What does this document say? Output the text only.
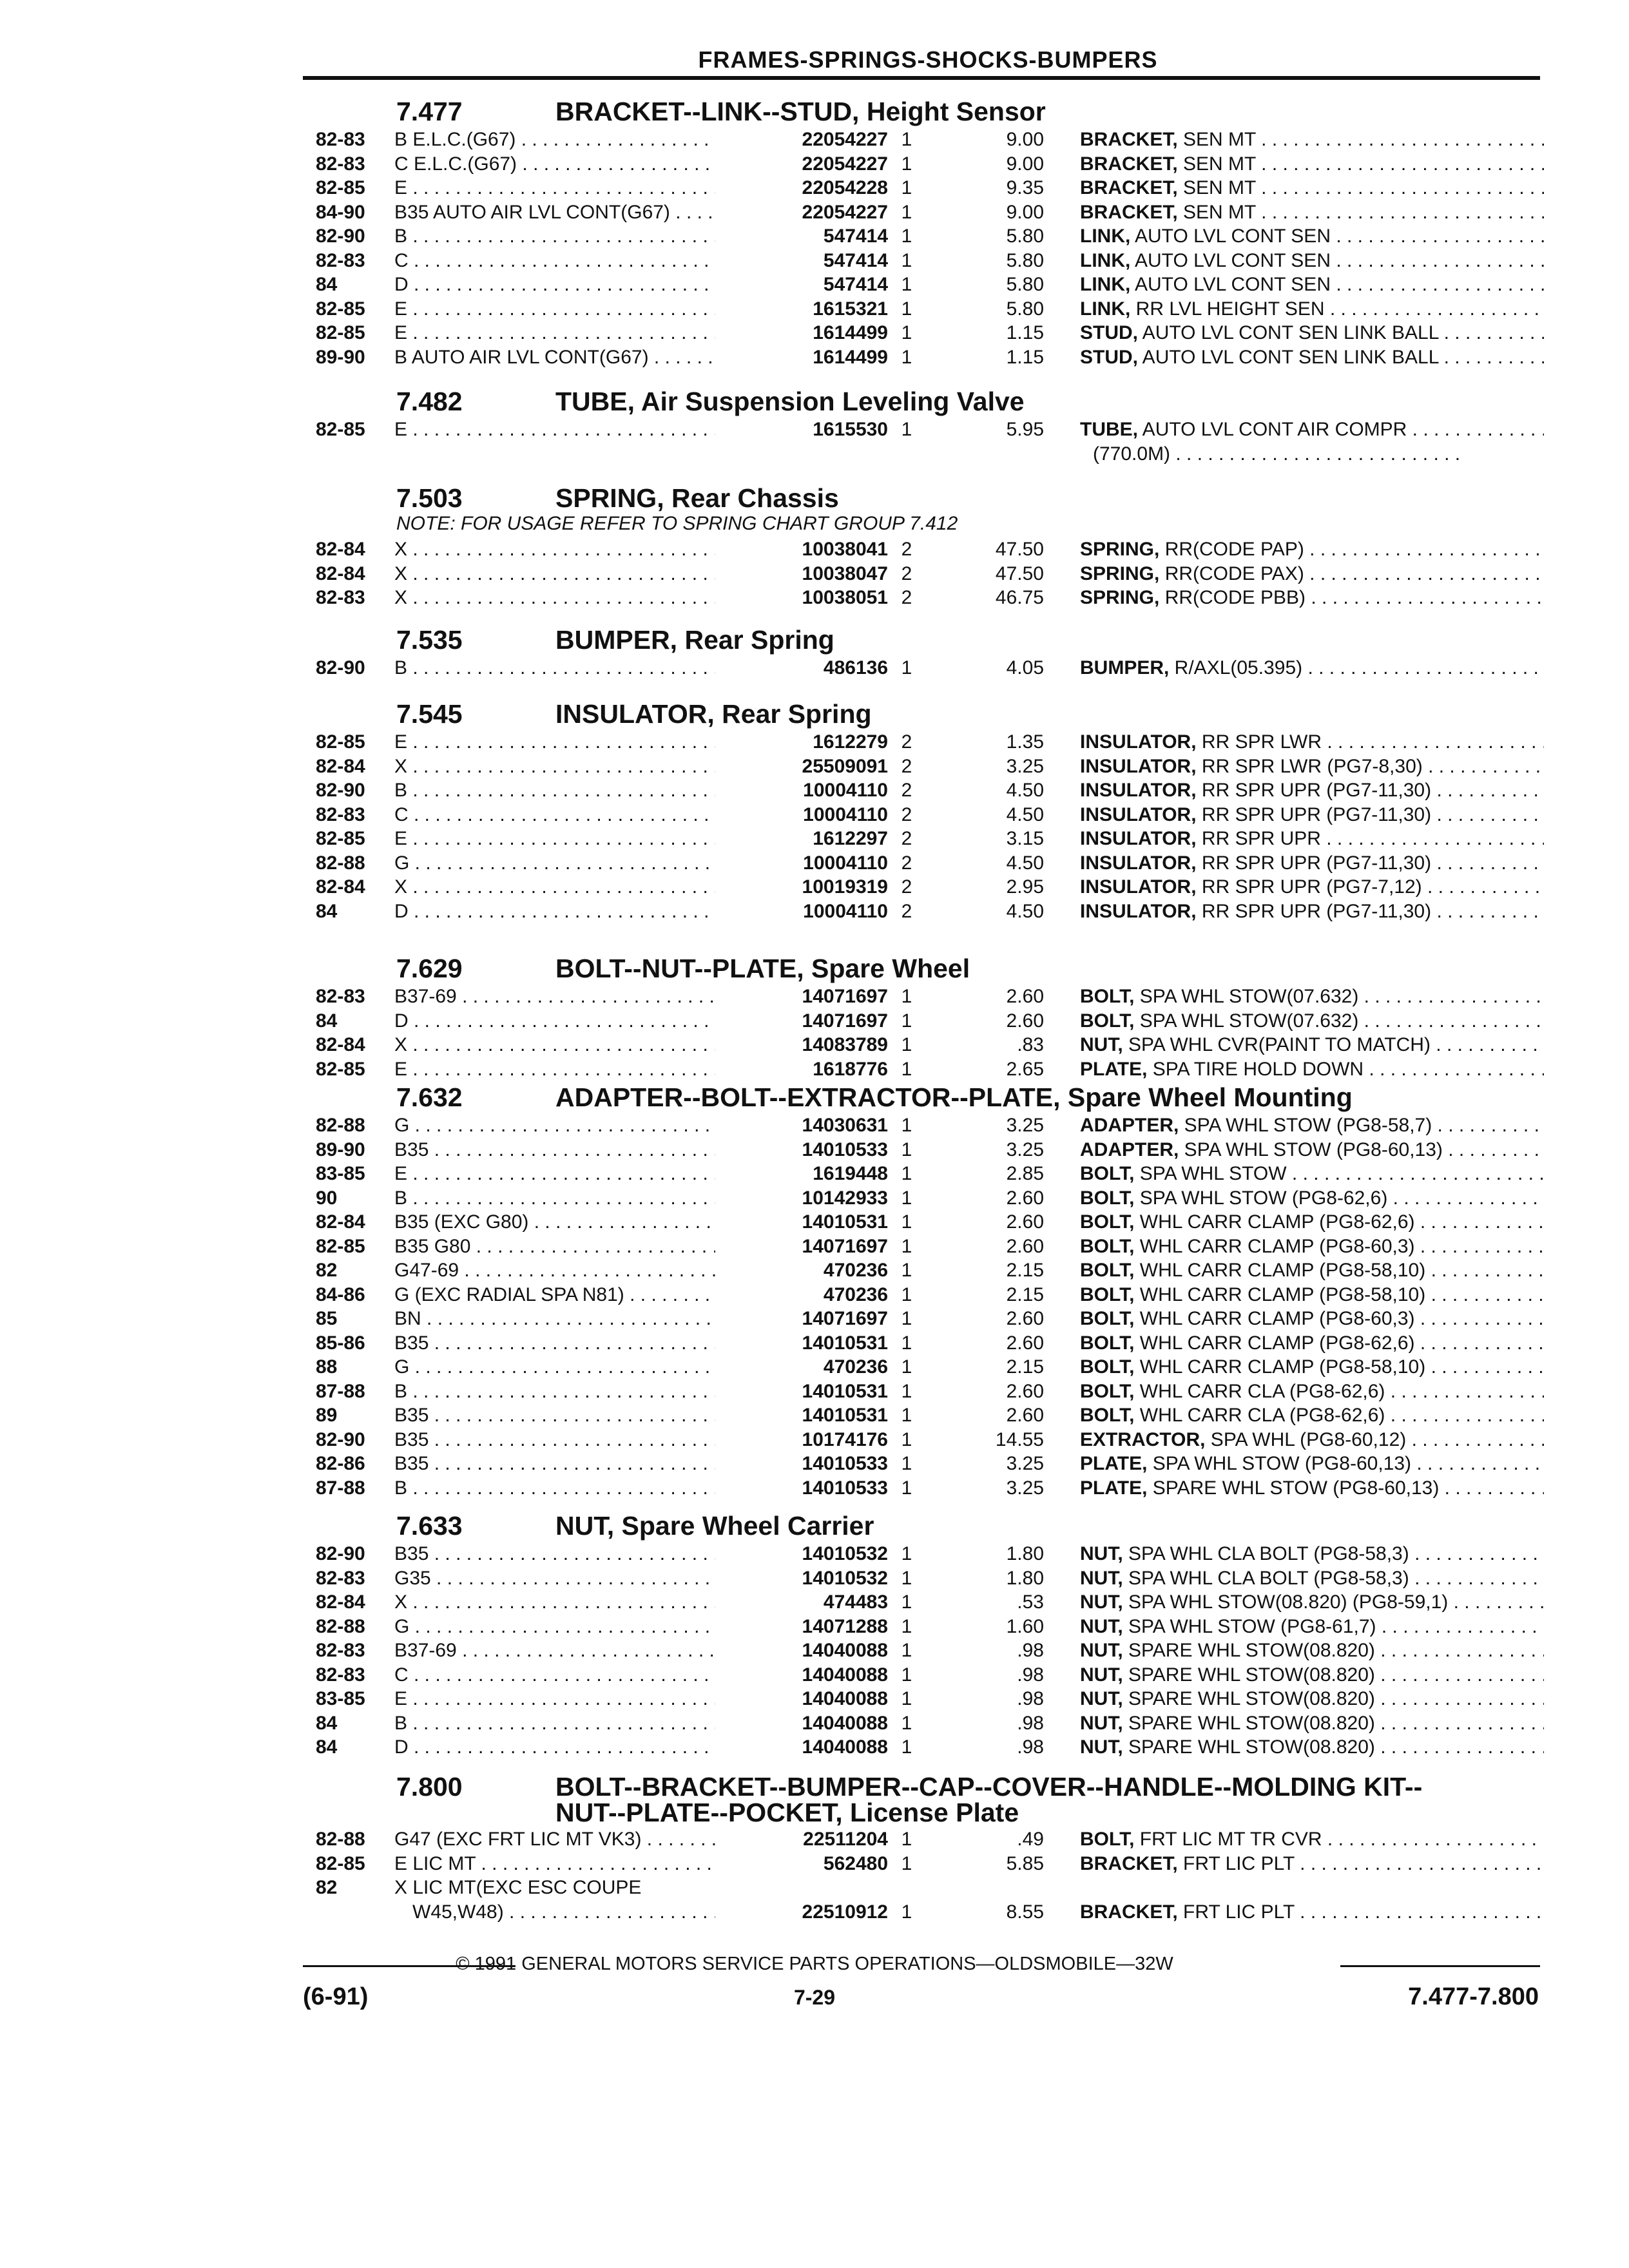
FRAMES-SPRINGS-SHOCKS-BUMPERS
7.477	BRACKET--LINK--STUD, Height Sensor
82-83 B E.L.C.(G67) . . .	22054227 1	9.00 BRACKET, SEN MT . . .
82-83 C E.L.C.(G67) . . .	22054227 1	9.00 BRACKET, SEN MT . . .
82-85 E . . .	22054228 1	9.35 BRACKET, SEN MT . . .
84-90 B35 AUTO AIR LVL CONT(G67) . . .	22054227 1	9.00 BRACKET, SEN MT . . .
82-90 B . . .	547414 1	5.80 LINK, AUTO LVL CONT SEN . . .
82-83 C . . .	547414 1	5.80 LINK, AUTO LVL CONT SEN . . .
84	D . . .	547414 1	5.80 LINK, AUTO LVL CONT SEN . . .
82-85 E . . .	1615321 1	5.80 LINK, RR LVL HEIGHT SEN . . .
82-85 E . . .	1614499 1	1.15 STUD, AUTO LVL CONT SEN LINK BALL . . .
89-90 B AUTO AIR LVL CONT(G67) . . .	1614499 1	1.15 STUD, AUTO LVL CONT SEN LINK BALL . . .
7.482	TUBE, Air Suspension Leveling Valve
82-85 E . . .	1615530 1	5.95 TUBE, AUTO LVL CONT AIR COMPR . . .
(770.0M) . . . . . . . . . . . . . . . . . . . . . . . . . . .
7.503	SPRING, Rear Chassis
NOTE: FOR USAGE REFER TO SPRING CHART GROUP 7.412
82-84 X . . .	10038041 2	47.50 SPRING, RR(CODE PAP) . . .
82-84 X . . .	10038047 2	47.50 SPRING, RR(CODE PAX) . . .
82-83 X . . .	10038051 2	46.75 SPRING, RR(CODE PBB) . . .
7.535	BUMPER, Rear Spring
82-90 B . . .	486136 1	4.05 BUMPER, R/AXL(05.395) . . .
7.545	INSULATOR, Rear Spring
82-85 E . . .	1612279 2	1.35 INSULATOR, RR SPR LWR . . .
82-84 X . . .	25509091 2	3.25 INSULATOR, RR SPR LWR (PG7-8,30) . . .
82-90 B . . .	10004110 2	4.50 INSULATOR, RR SPR UPR (PG7-11,30) . . .
82-83 C . . .	10004110 2	4.50 INSULATOR, RR SPR UPR (PG7-11,30) . . .
82-85 E . . .	1612297 2	3.15 INSULATOR, RR SPR UPR . . .
82-88 G . . .	10004110 2	4.50 INSULATOR, RR SPR UPR (PG7-11,30) . . .
82-84 X . . .	10019319 2	2.95 INSULATOR, RR SPR UPR (PG7-7,12) . . .
84	D . . .	10004110 2	4.50 INSULATOR, RR SPR UPR (PG7-11,30) . . .
7.629	BOLT--NUT--PLATE, Spare Wheel
82-83 B37-69 . . .	14071697 1	2.60 BOLT, SPA WHL STOW(07.632) . . .
84	D . . .	14071697 1	2.60 BOLT, SPA WHL STOW(07.632) . . .
82-84 X . . .	14083789 1	.83 NUT, SPA WHL CVR(PAINT TO MATCH) . . .
82-85 E . . .	1618776 1	2.65 PLATE, SPA TIRE HOLD DOWN . . .
7.632	ADAPTER--BOLT--EXTRACTOR--PLATE, Spare Wheel Mounting
82-88 G . . .	14030631 1	3.25 ADAPTER, SPA WHL STOW (PG8-58,7) . . .
89-90 B35 . . .	14010533 1	3.25 ADAPTER, SPA WHL STOW (PG8-60,13) . . .
83-85 E . . .	1619448 1	2.85 BOLT, SPA WHL STOW . . .
90	B . . .	10142933 1	2.60 BOLT, SPA WHL STOW (PG8-62,6) . . .
82-84 B35 (EXC G80) . . .	14010531 1	2.60 BOLT, WHL CARR CLAMP (PG8-62,6) . . .
82-85 B35 G80 . . .	14071697 1	2.60 BOLT, WHL CARR CLAMP (PG8-60,3) . . .
82	G47-69 . . .	470236 1	2.15 BOLT, WHL CARR CLAMP (PG8-58,10) . . .
84-86 G (EXC RADIAL SPA N81) . . .	470236 1	2.15 BOLT, WHL CARR CLAMP (PG8-58,10) . . .
85	BN . . .	14071697 1	2.60 BOLT, WHL CARR CLAMP (PG8-60,3) . . .
85-86 B35 . . .	14010531 1	2.60 BOLT, WHL CARR CLAMP (PG8-62,6) . . .
88	G . . .	470236 1	2.15 BOLT, WHL CARR CLAMP (PG8-58,10) . . .
87-88 B . . .	14010531 1	2.60 BOLT, WHL CARR CLA (PG8-62,6) . . .
89	B35 . . .	14010531 1	2.60 BOLT, WHL CARR CLA (PG8-62,6) . . .
82-90 B35 . . .	10174176 1	14.55 EXTRACTOR, SPA WHL (PG8-60,12) . . .
82-86 B35 . . .	14010533 1	3.25 PLATE, SPA WHL STOW (PG8-60,13) . . .
87-88 B . . .	14010533 1	3.25 PLATE, SPARE WHL STOW (PG8-60,13) . . .
7.633	NUT, Spare Wheel Carrier
82-90 B35 . . .	14010532 1	1.80 NUT, SPA WHL CLA BOLT (PG8-58,3) . . .
82-83 G35 . . .	14010532 1	1.80 NUT, SPA WHL CLA BOLT (PG8-58,3) . . .
82-84 X . . .	474483 1	.53 NUT, SPA WHL STOW(08.820) (PG8-59,1) . . .
82-88 G . . .	14071288 1	1.60 NUT, SPA WHL STOW (PG8-61,7) . . .
82-83 B37-69 . . .	14040088 1	.98 NUT, SPARE WHL STOW(08.820) . . .
82-83 C . . .	14040088 1	.98 NUT, SPARE WHL STOW(08.820) . . .
83-85 E . . .	14040088 1	.98 NUT, SPARE WHL STOW(08.820) . . .
84	B . . .	14040088 1	.98 NUT, SPARE WHL STOW(08.820) . . .
84	D . . .	14040088 1	.98 NUT, SPARE WHL STOW(08.820) . . .
7.800	BOLT--BRACKET--BUMPER--CAP--COVER--HANDLE--MOLDING KIT--
NUT--PLATE--POCKET, License Plate
82-88 G47 (EXC FRT LIC MT VK3) . . .	22511204 1	.49 BOLT, FRT LIC MT TR CVR . . .
82-85 E LIC MT . . .	562480 1	5.85 BRACKET, FRT LIC PLT . . .
82	X LIC MT(EXC ESC COUPE
W45,W48) . . .	22510912 1	8.55 BRACKET, FRT LIC PLT . . .
© 1991 GENERAL MOTORS SERVICE PARTS OPERATIONS—OLDSMOBILE—32W
(6-91)	7-29	7.477-7.800
